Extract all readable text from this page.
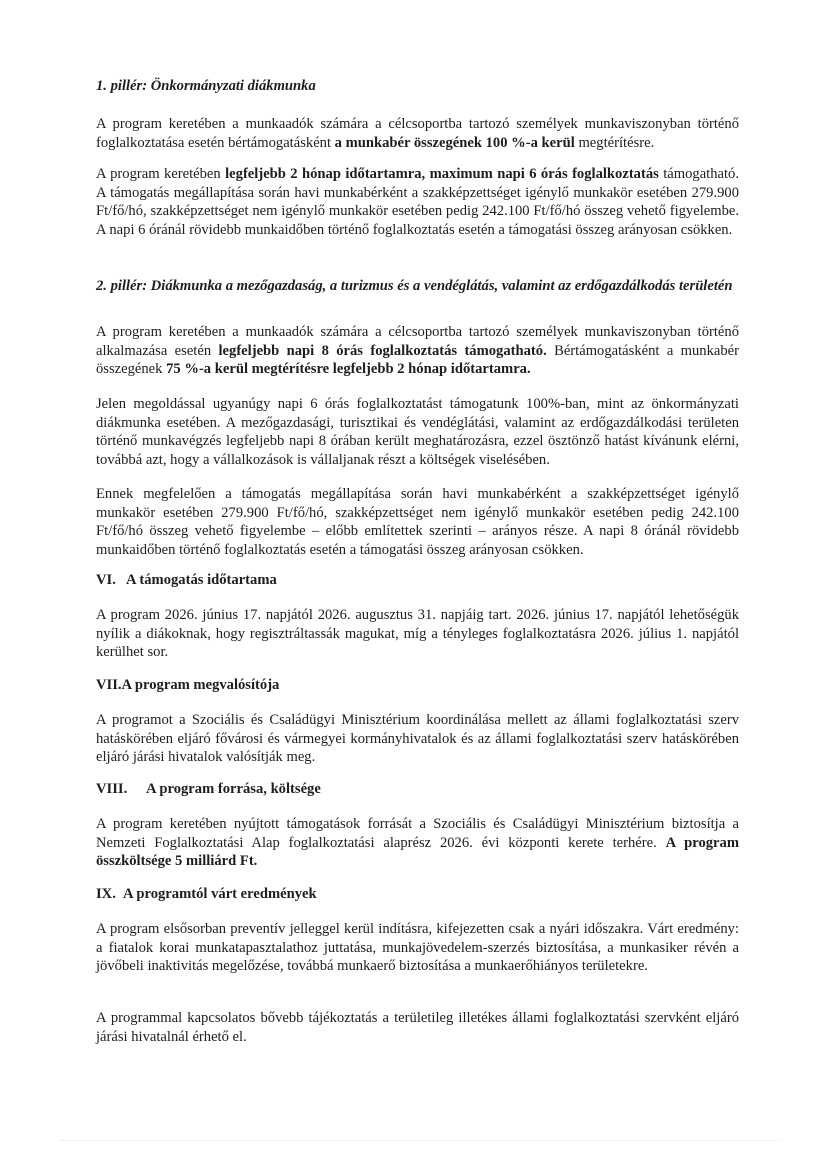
1. pillér: Önkormányzati diákmunka

A program keretében a munkaadók számára a célcsoportba tartozó személyek munkaviszonyban történő foglalkoztatása esetén bértámogatásként a munkabér összegének 100 %-a kerül megtérítésre.

A program keretében legfeljebb 2 hónap időtartamra, maximum napi 6 órás foglalkoztatás támogatható. A támogatás megállapítása során havi munkabérként a szakképzettséget igénylő munkakör esetében 279.900 Ft/fő/hó, szakképzettséget nem igénylő munkakör esetében pedig 242.100 Ft/fő/hó összeg vehető figyelembe. A napi 6 óránál rövidebb munkaidőben történő foglalkoztatás esetén a támogatási összeg arányosan csökken.

2. pillér: Diákmunka a mezőgazdaság, a turizmus és a vendéglátás, valamint az erdőgazdálkodás területén

A program keretében a munkaadók számára a célcsoportba tartozó személyek munkaviszonyban történő alkalmazása esetén legfeljebb napi 8 órás foglalkoztatás támogatható. Bértámogatásként a munkabér összegének 75 %-a kerül megtérítésre legfeljebb 2 hónap időtartamra.

Jelen megoldással ugyanúgy napi 6 órás foglalkoztatást támogatunk 100%-ban, mint az önkormányzati diákmunka esetében. A mezőgazdasági, turisztikai és vendéglátási, valamint az erdőgazdálkodási területen történő munkavégzés legfeljebb napi 8 órában került meghatározásra, ezzel ösztönző hatást kívánunk elérni, továbbá azt, hogy a vállalkozások is vállaljanak részt a költségek viselésében.

Ennek megfelelően a támogatás megállapítása során havi munkabérként a szakképzettséget igénylő munkakör esetében 279.900 Ft/fő/hó, szakképzettséget nem igénylő munkakör esetében pedig 242.100 Ft/fő/hó összeg vehető figyelembe – előbb említettek szerinti – arányos része. A napi 8 óránál rövidebb munkaidőben történő foglalkoztatás esetén a támogatási összeg arányosan csökken.

VI. A támogatás időtartama

A program 2026. június 17. napjától 2026. augusztus 31. napjáig tart. 2026. június 17. napjától lehetőségük nyílik a diákoknak, hogy regisztráltassák magukat, míg a tényleges foglalkoztatásra 2026. július 1. napjától kerülhet sor.

VII.A program megvalósítója

A programot a Szociális és Családügyi Minisztérium koordinálása mellett az állami foglalkoztatási szerv hatáskörében eljáró fővárosi és vármegyei kormányhivatalok és az állami foglalkoztatási szerv hatáskörében eljáró járási hivatalok valósítják meg.

VIII. A program forrása, költsége

A program keretében nyújtott támogatások forrását a Szociális és Családügyi Minisztérium biztosítja a Nemzeti Foglalkoztatási Alap foglalkoztatási alaprész 2026. évi központi kerete terhére. A program összköltsége 5 milliárd Ft.

IX. A programtól várt eredmények

A program elsősorban preventív jelleggel kerül indításra, kifejezetten csak a nyári időszakra. Várt eredmény: a fiatalok korai munkatapasztalathoz juttatása, munkajövedelem-szerzés biztosítása, a munkasiker révén a jövőbeli inaktivitás megelőzése, továbbá munkaerő biztosítása a munkaerőhiányos területekre.

A programmal kapcsolatos bővebb tájékoztatás a területileg illetékes állami foglalkoztatási szervként eljáró járási hivatalnál érhető el.
